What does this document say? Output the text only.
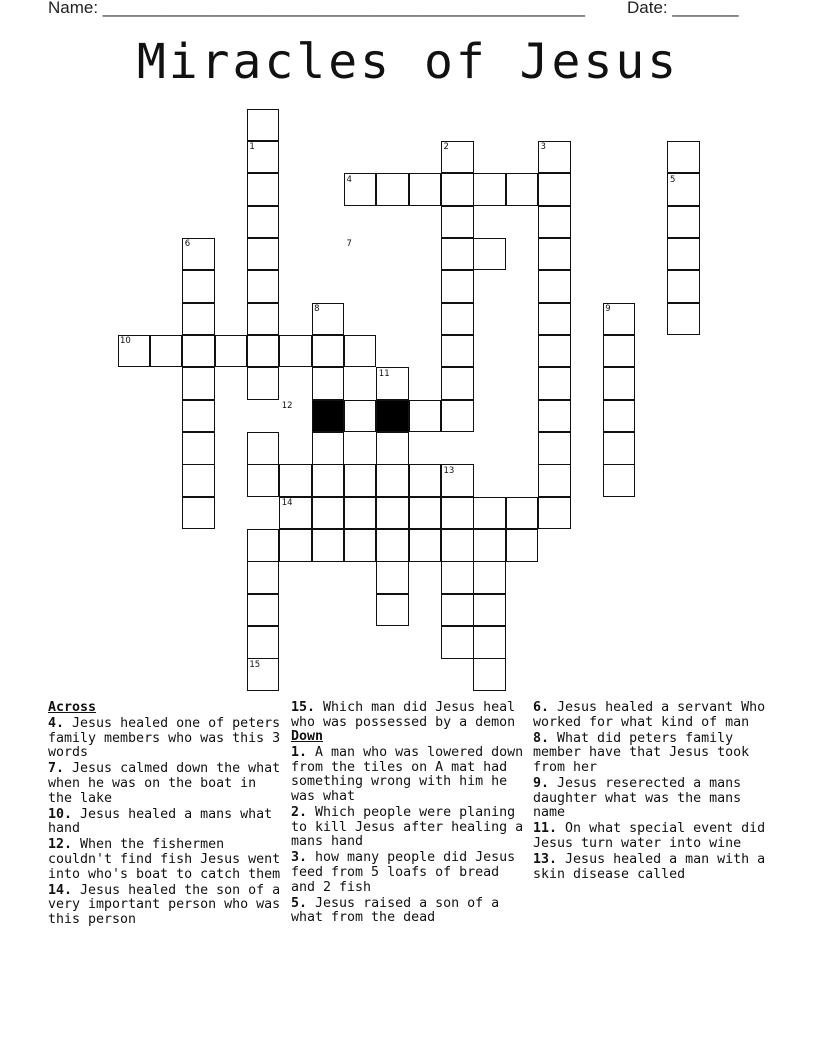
Name: ___________________________________________________ Date: _______
Miracles of Jesus
1	2	3
4	5
6	7
8	9
10
11
12
13
14
15
Across
4. Jesus healed one of peters family members who was this 3 words
7. Jesus calmed down the what when he was on the boat in the lake
10. Jesus healed a mans what hand
12. When the fishermen couldn't find fish Jesus went into who's boat to catch them
14. Jesus healed the son of a very important person who was this person
15. Which man did Jesus heal who was possessed by a demon
Down
1. A man who was lowered down from the tiles on A mat had something wrong with him he was what
2. Which people were planing to kill Jesus after healing a mans hand
3. how many people did Jesus feed from 5 loafs of bread and 2 fish
5. Jesus raised a son of a what from the dead
6. Jesus healed a servant Who worked for what kind of man
8. What did peters family member have that Jesus took from her
9. Jesus reserected a mans daughter what was the mans name
11. On what special event did Jesus turn water into wine
13. Jesus healed a man with a skin disease called
